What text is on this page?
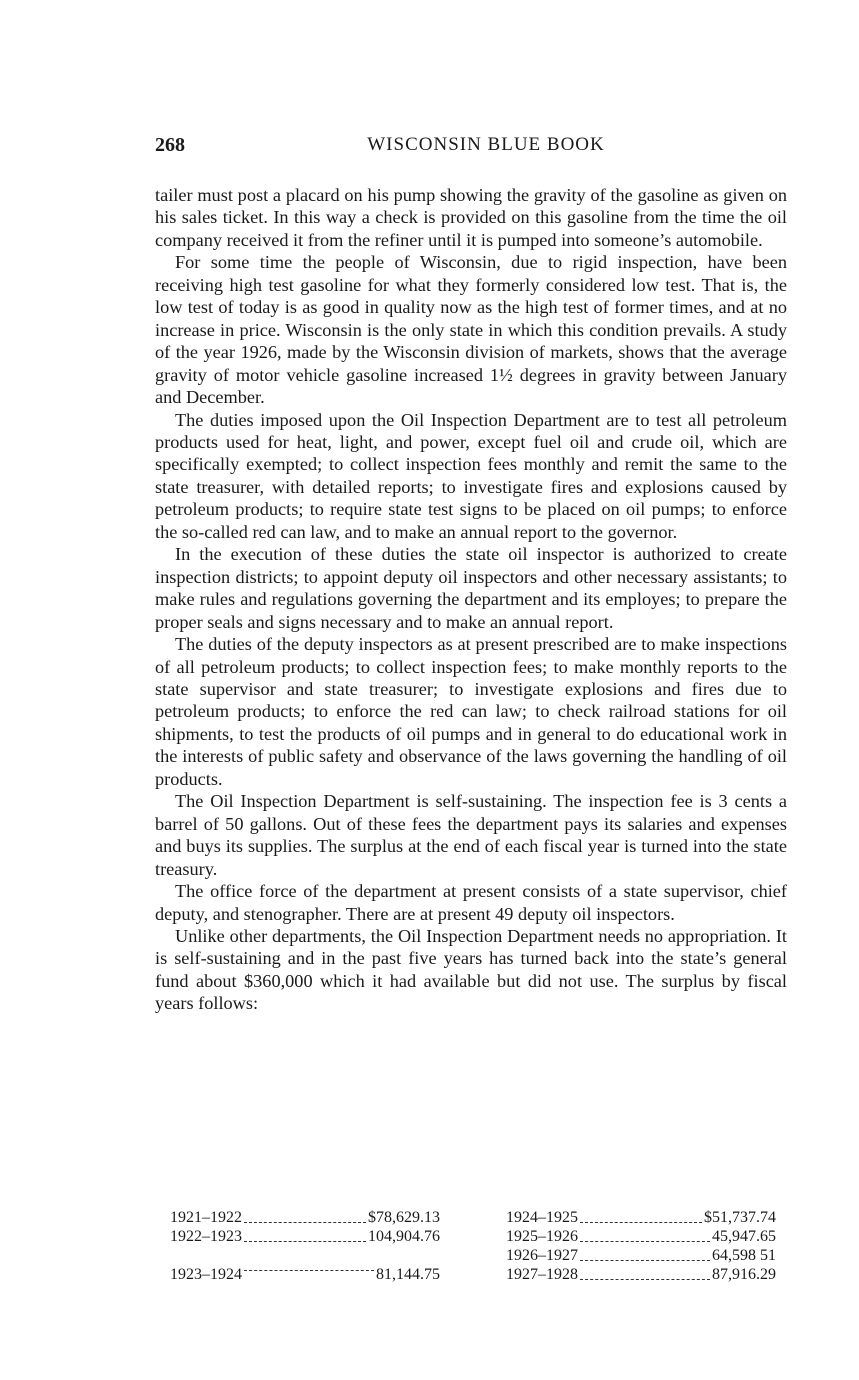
268	WISCONSIN BLUE BOOK

tailer must post a placard on his pump showing the gravity of the gasoline as given on his sales ticket. In this way a check is provided on this gasoline from the time the oil company received it from the refiner until it is pumped into someone’s automobile.

For some time the people of Wisconsin, due to rigid inspection, have been receiving high test gasoline for what they formerly considered low test. That is, the low test of today is as good in quality now as the high test of former times, and at no increase in price. Wisconsin is the only state in which this condition prevails. A study of the year 1926, made by the Wisconsin division of markets, shows that the average gravity of motor vehicle gasoline increased 1½ degrees in gravity between January and December.

The duties imposed upon the Oil Inspection Department are to test all petroleum products used for heat, light, and power, except fuel oil and crude oil, which are specifically exempted; to collect inspection fees monthly and remit the same to the state treasurer, with detailed reports; to investigate fires and explosions caused by petroleum products; to require state test signs to be placed on oil pumps; to enforce the so-called red can law, and to make an annual report to the governor.

In the execution of these duties the state oil inspector is authorized to create inspection districts; to appoint deputy oil inspectors and other necessary assistants; to make rules and regulations governing the department and its employes; to prepare the proper seals and signs necessary and to make an annual report.

The duties of the deputy inspectors as at present prescribed are to make inspections of all petroleum products; to collect inspection fees; to make monthly reports to the state supervisor and state treasurer; to investigate explosions and fires due to petroleum products; to enforce the red can law; to check railroad stations for oil shipments, to test the products of oil pumps and in general to do educational work in the interests of public safety and observance of the laws governing the handling of oil products.

The Oil Inspection Department is self-sustaining. The inspection fee is 3 cents a barrel of 50 gallons. Out of these fees the department pays its salaries and expenses and buys its supplies. The surplus at the end of each fiscal year is turned into the state treasury.

The office force of the department at present consists of a state supervisor, chief deputy, and stenographer. There are at present 49 deputy oil inspectors.

Unlike other departments, the Oil Inspection Department needs no appropriation. It is self-sustaining and in the past five years has turned back into the state’s general fund about $360,000 which it had available but did not use. The surplus by fiscal years follows:

1921–1922	$78,629.13
1922–1923	104,904.76
1923–1924	81,144.75
1924–1925	$51,737.74
1925–1926	45,947.65
1926–1927	64,598 51
1927–1928	87,916.29
